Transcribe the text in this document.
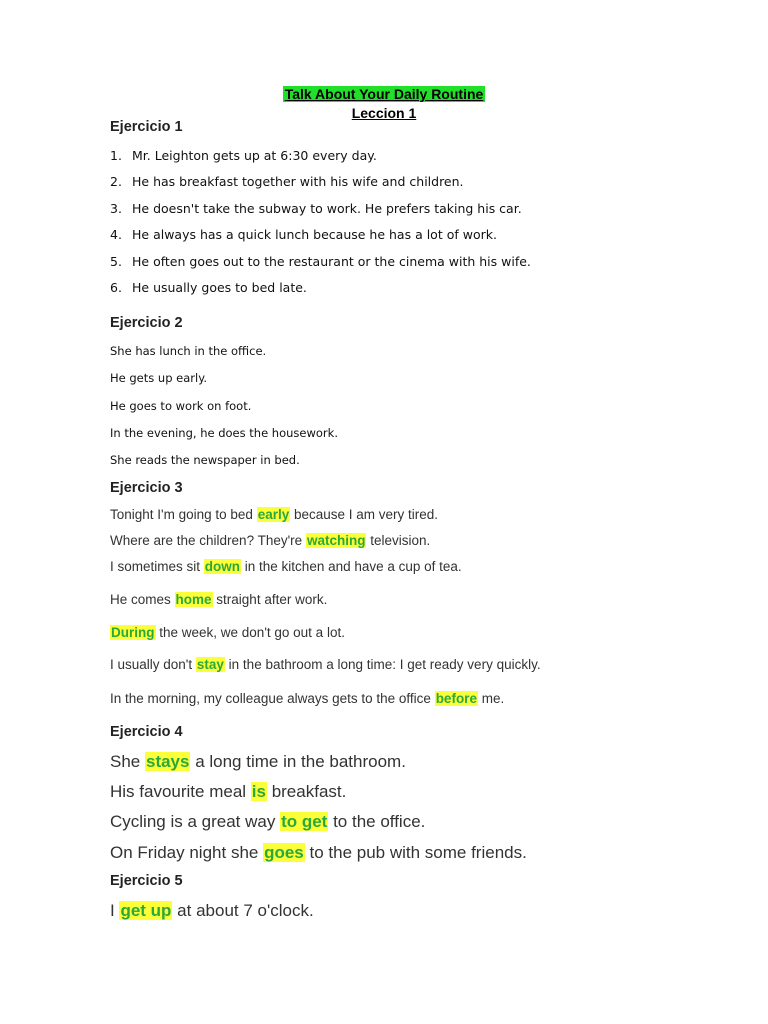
Talk About Your Daily Routine
Leccion 1
Ejercicio 1
1. Mr. Leighton gets up at 6:30 every day.
2. He has breakfast together with his wife and children.
3. He doesn't take the subway to work. He prefers taking his car.
4. He always has a quick lunch because he has a lot of work.
5. He often goes out to the restaurant or the cinema with his wife.
6. He usually goes to bed late.
Ejercicio 2
She has lunch in the office.
He gets up early.
He goes to work on foot.
In the evening, he does the housework.
She reads the newspaper in bed.
Ejercicio 3
Tonight I'm going to bed early because I am very tired.
Where are the children? They're watching television.
I sometimes sit down in the kitchen and have a cup of tea.
He comes home straight after work.
During the week, we don't go out a lot.
I usually don't stay in the bathroom a long time: I get ready very quickly.
In the morning, my colleague always gets to the office before me.
Ejercicio 4
She stays a long time in the bathroom.
His favourite meal is breakfast.
Cycling is a great way to get to the office.
On Friday night she goes to the pub with some friends.
Ejercicio 5
I get up at about 7 o'clock.
